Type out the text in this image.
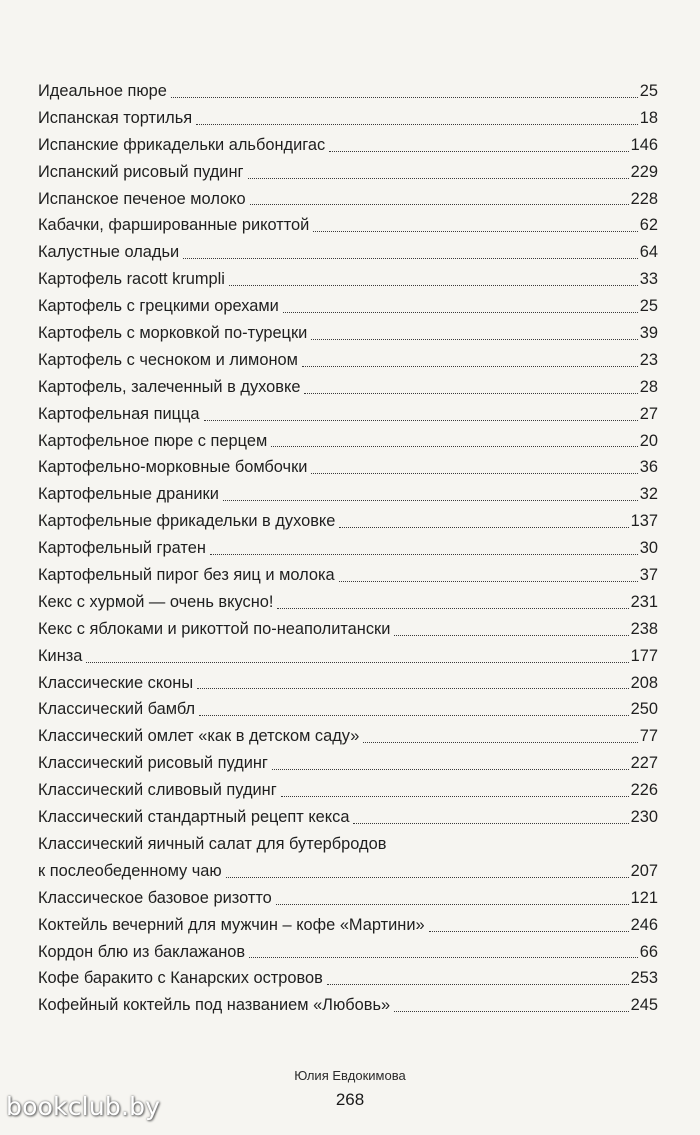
Идеальное пюре	25
Испанская тортилья	18
Испанские фрикадельки альбондигас	146
Испанский рисовый пудинг	229
Испанское печеное молоко	228
Кабачки, фаршированные рикоттой	62
Калустные оладьи	64
Картофель racott krumpli	33
Картофель с грецкими орехами	25
Картофель с морковкой по-турецки	39
Картофель с чесноком и лимоном	23
Картофель, залеченный в духовке	28
Картофельная пицца	27
Картофельное пюре с перцем	20
Картофельно-морковные бомбочки	36
Картофельные драники	32
Картофельные фрикадельки в духовке	137
Картофельный гратен	30
Картофельный пирог без яиц и молока	37
Кекс с хурмой — очень вкусно!	231
Кекс с яблоками и рикоттой по-неаполитански	238
Кинза	177
Классические сконы	208
Классический бамбл	250
Классический омлет «как в детском саду»	77
Классический рисовый пудинг	227
Классический сливовый пудинг	226
Классический стандартный рецепт кекса	230
Классический яичный салат для бутербродов
к послеобеденному чаю	207
Классическое базовое ризотто	121
Коктейль вечерний для мужчин – кофе «Мартини»	246
Кордон блю из баклажанов	66
Кофе баракито с Канарских островов	253
Кофейный коктейль под названием «Любовь»	245
Юлия Евдокимова
268
bookclub.by
